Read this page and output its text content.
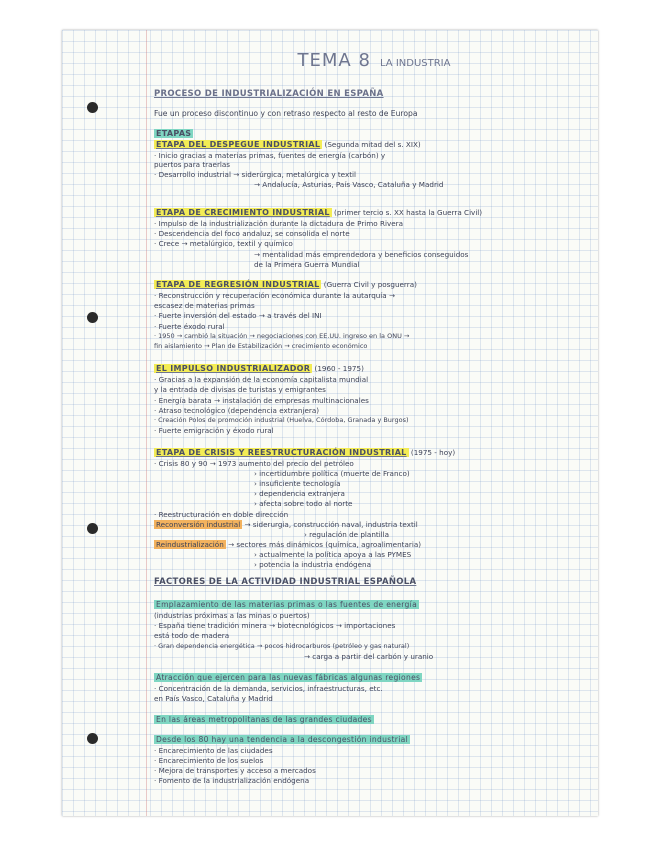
TEMA 8 LA INDUSTRIA
PROCESO DE INDUSTRIALIZACIÓN EN ESPAÑA
Fue un proceso discontinuo y con retraso respecto al resto de Europa
ETAPAS
ETAPA DEL DESPEGUE INDUSTRIAL (Segunda mitad del s. XIX)
· Inicio gracias a materias primas, fuentes de energía (carbón) y
puertos para traerlas
· Desarrollo industrial → siderúrgica, metalúrgica y textil
→ Andalucía, Asturias, País Vasco, Cataluña y Madrid
ETAPA DE CRECIMIENTO INDUSTRIAL (primer tercio s. XX hasta la Guerra Civil)
· Impulso de la industrialización durante la dictadura de Primo Rivera
· Descendencia del foco andaluz, se consolida el norte
· Crece → metalúrgico, textil y químico
→ mentalidad más emprendedora y beneficios conseguidos
de la Primera Guerra Mundial
ETAPA DE REGRESIÓN INDUSTRIAL (Guerra Civil y posguerra)
· Reconstrucción y recuperación económica durante la autarquía →
escasez de materias primas
· Fuerte inversión del estado → a través del INI
· Fuerte éxodo rural
· 1950 → cambió la situación → negociaciones con EE.UU. ingreso en la ONU →
fin aislamiento → Plan de Estabilización → crecimiento económico
EL IMPULSO INDUSTRIALIZADOR (1960 - 1975)
· Gracias a la expansión de la economía capitalista mundial
y la entrada de divisas de turistas y emigrantes
· Energía barata → instalación de empresas multinacionales
· Atraso tecnológico (dependencia extranjera)
· Creación Polos de promoción industrial (Huelva, Córdoba, Granada y Burgos)
· Fuerte emigración y éxodo rural
ETAPA DE CRISIS Y REESTRUCTURACIÓN INDUSTRIAL (1975 - hoy)
· Crisis 80 y 90 → 1973 aumento del precio del petróleo
› incertidumbre política (muerte de Franco)
› insuficiente tecnología
› dependencia extranjera
› afecta sobre todo al norte
· Reestructuración en doble dirección
Reconversión industrial → siderurgia, construcción naval, industria textil
› regulación de plantilla
Reindustrialización → sectores más dinámicos (química, agroalimentaria)
› actualmente la política apoya a las PYMES
› potencia la industria endógena
FACTORES DE LA ACTIVIDAD INDUSTRIAL ESPAÑOLA
Emplazamiento de las materias primas o las fuentes de energía
(industrias próximas a las minas o puertos)
· España tiene tradición minera → biotecnológicos → importaciones
está todo de madera
· Gran dependencia energética → pocos hidrocarburos (petróleo y gas natural)
→ carga a partir del carbón y uranio
Atracción que ejercen para las nuevas fábricas algunas regiones
· Concentración de la demanda, servicios, infraestructuras, etc.
en País Vasco, Cataluña y Madrid
En las áreas metropolitanas de las grandes ciudades
Desde los 80 hay una tendencia a la descongestión industrial
· Encarecimiento de las ciudades
· Encarecimiento de los suelos
· Mejora de transportes y acceso a mercados
· Fomento de la industrialización endógena
